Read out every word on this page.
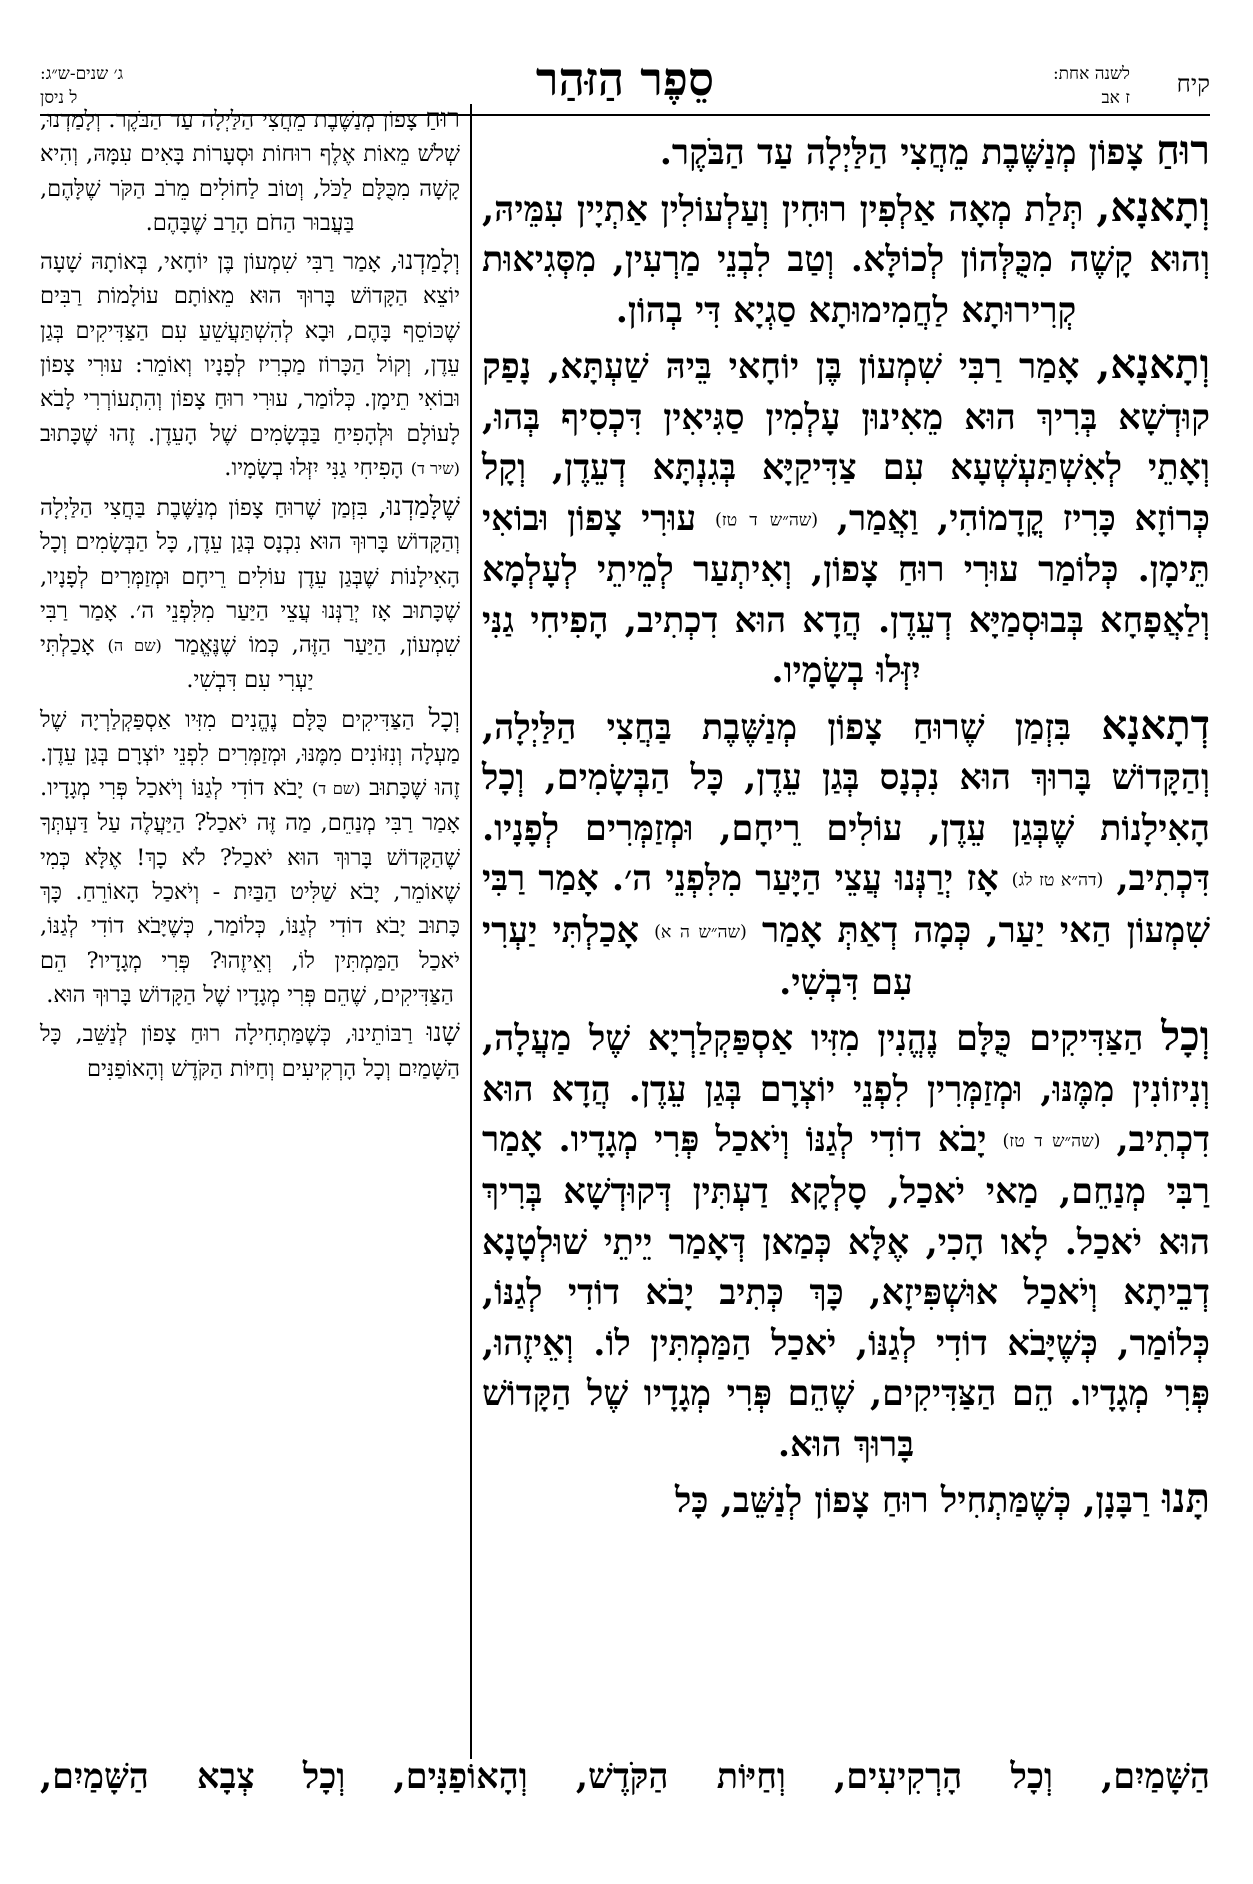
קיח
לשנה אחת:
ז אב
סֵפֶר הַזּהַר
ג׳ שנים-ש״ג:
ל ניסן

רוּחַ צָפוֹן מְנַשֶּׁבֶת מֵחֲצִי הַלַּיְלָה עַד הַבֹּקֶר.

וְתָאנָא, תְּלַת מְאָה אַלְפִין רוּחִין וְעַלְעוֹלִין אַתְיָין עִמֵּיהּ, וְהוּא קָשֶׁה מִכֻּלְּהוֹן לְכוֹלָּא. וְטַב לִבְנֵי מַרְעִין, מִסְּגִיאוּת קְרִירוּתָא לַחֲמִימוּתָא סַגְיָא דִּי בְהוֹן.

וְתָאנָא, אָמַר רַבִּי שִׁמְעוֹן בֶּן יוֹחָאי בֵּיהּ שַׁעְתָּא, נָפַק קוּדְשָׁא בְּרִיךְ הוּא מֵאִינוּן עָלְמִין סַגִּיאִין דִּכְסִיף בְּהוּ, וְאָתֵי לְאִשְׁתַּעְשְׁעָא עִם צַדִּיקַיָּא בְּגִנְתָּא דְעֵדֶן, וְקָל כְּרוֹזָא כָּרִיז קֳדָמוֹהִי, וַאֲמַר, (שה״ש ד טז) עוּרִי צָפוֹן וּבוֹאִי תֵּימָן. כְּלוֹמַר עוּרִי רוּחַ צָפוֹן, וְאִיתְעַר לְמֵיתֵי לְעָלְמָא וְלַאֲפָחָא בְּבוּסְמַיָּא דְעֵדֶן. הֲדָא הוּא דִכְתִיב, הָפִיחִי גַנִּי יִזְּלוּ בְשָׂמָיו.

דְתָאנָא בִּזְמַן שֶׁרוּחַ צָפוֹן מְנַשֶּׁבֶת בַּחֲצִי הַלַּיְלָה, וְהַקָּדוֹשׁ בָּרוּךְ הוּא נִכְנָס בְּגַן עֵדֶן, כָּל הַבְּשָׂמִים, וְכָל הָאִילָנוֹת שֶׁבְּגַן עֵדֶן, עוֹלִים רֵיחָם, וּמְזַמְּרִים לְפָנָיו. דִּכְתִיב, (דה״א טז לג) אָז יְרַנְּנוּ עֲצֵי הַיָּעַר מִלִּפְנֵי ה׳. אָמַר רַבִּי שִׁמְעוֹן הַאי יַעַר, כְּמָה דְאַתְּ אָמַר (שה״ש ה א) אָכַלְתִּי יַעְרִי עִם דִּבְשִׁי.

וְכָל הַצַּדִּיקִים כֻּלָּם נֶהֱנִין מִזִּיו אַסְפַּקְלַרְיָא שֶׁל מַעֲלָה, וְנִיזוֹנִין מִמֶּנּוּ, וּמְזַמְּרִין לִפְנֵי יוֹצְרָם בְּגַן עֵדֶן. הֲדָא הוּא דִכְתִיב, (שה״ש ד טז) יָבֹא דוֹדִי לְגַנּוֹ וְיֹאכַל פְּרִי מְגָדָיו. אָמַר רַבִּי מְנַחֵם, מַאי יֹאכַל, סָלְקָא דַעְתִּין דְּקוּדְשָׁא בְּרִיךְ הוּא יֹאכַל. לָאו הָכִי, אֶלָּא כְּמַאן דְּאָמַר יֵיתֵי שׁוּלְטָנָא דְבֵיתָא וְיֹאכַל אוּשְׁפִּיזָא, כָּךְ כְּתִיב יָבֹא דוֹדִי לְגַנּוֹ, כְּלוֹמַר, כְּשֶׁיָּבֹא דוֹדִי לְגַנּוֹ, יֹאכַל הַמַּמְתִּין לוֹ. וְאֵיזֶהוּ, פְּרִי מְגָדָיו. הֵם הַצַּדִּיקִים, שֶׁהֵם פְּרִי מְגָדָיו שֶׁל הַקָּדוֹשׁ בָּרוּךְ הוּא.

תָּנוּ רַבָּנָן, כְּשֶׁמַּתְחִיל רוּחַ צָפוֹן לְנַשֵּׁב, כָּל

רוּחַ צָפוֹן מְנַשֶּׁבֶת מֵחֲצִי הַלַּיְלָה עַד הַבֹּקֶר. וְלָמַדְנוּ, שְׁלֹשׁ מֵאוֹת אֶלֶף רוּחוֹת וּסְעָרוֹת בָּאִים עִמָּהּ, וְהִיא קָשָׁה מִכֻּלָּם לַכֹּל, וְטוֹב לַחוֹלִים מֵרֹב הַקֹּר שֶׁלָּהֶם, בַּעֲבוּר הַחֹם הָרַב שֶׁבָּהֶם.

וְלָמַדְנוּ, אָמַר רַבִּי שִׁמְעוֹן בֶּן יוֹחָאי, בְּאוֹתָהּ שָׁעָה יוֹצֵא הַקָּדוֹשׁ בָּרוּךְ הוּא מֵאוֹתָם עוֹלָמוֹת רַבִּים שֶׁכּוֹסֵף בָּהֶם, וּבָא לְהִשְׁתַּעֲשֵׁעַ עִם הַצַּדִּיקִים בְּגַן עֵדֶן, וְקוֹל הַכָּרוֹז מַכְרִיז לְפָנָיו וְאוֹמֵר: עוּרִי צָפוֹן וּבוֹאִי תֵימָן. כְּלוֹמַר, עוּרִי רוּחַ צָפוֹן וְהִתְעוֹרְרִי לָבֹא לָעוֹלָם וּלְהָפִיחַ בַּבְּשָׂמִים שֶׁל הָעֵדֶן. זֶהוּ שֶׁכָּתוּב (שיר ד) הָפִיחִי גַנִּי יִזְּלוּ בְשָׂמָיו.

שֶׁלָּמַדְנוּ, בִּזְמַן שֶׁרוּחַ צָפוֹן מְנַשֶּׁבֶת בַּחֲצִי הַלַּיְלָה וְהַקָּדוֹשׁ בָּרוּךְ הוּא נִכְנָס בְּגַן עֵדֶן, כָּל הַבְּשָׂמִים וְכָל הָאִילָנוֹת שֶׁבְּגַן עֵדֶן עוֹלִים רֵיחָם וּמְזַמְּרִים לְפָנָיו, שֶׁכָּתוּב אָז יְרַנְּנוּ עֲצֵי הַיַּעַר מִלִּפְנֵי ה׳. אָמַר רַבִּי שִׁמְעוֹן, הַיַּעַר הַזֶּה, כְּמוֹ שֶׁנֶּאֱמַר (שם ה) אָכַלְתִּי יַעְרִי עִם דִּבְשִׁי.

וְכָל הַצַּדִּיקִים כֻּלָּם נֶהֱנִים מִזִּיו אַסְפַּקְלַרְיָה שֶׁל מַעְלָה וְנִזּוֹנִים מִמֶּנּוּ, וּמְזַמְּרִים לִפְנֵי יוֹצְרָם בְּגַן עֵדֶן. זֶהוּ שֶׁכָּתוּב (שם ד) יָבֹא דוֹדִי לְגַנּוֹ וְיֹאכַל פְּרִי מְגָדָיו. אָמַר רַבִּי מְנַחֵם, מַה זֶּה יֹאכַל? הַיַּעֲלֶה עַל דַּעְתְּךָ שֶׁהַקָּדוֹשׁ בָּרוּךְ הוּא יֹאכַל? לֹא כָךְ! אֶלָּא כְּמִי שֶׁאוֹמֵר, יָבֹא שַׁלִּיט הַבַּיִת - וְיֹאכַל הָאוֹרֵחַ. כָּךְ כָּתוּב יָבֹא דוֹדִי לְגַנּוֹ, כְּלוֹמַר, כְּשֶׁיָּבֹא דוֹדִי לְגַנּוֹ, יֹאכַל הַמַּמְתִּין לוֹ, וְאֵיזֶהוּ? פְּרִי מְגָדָיו? הֵם הַצַּדִּיקִים, שֶׁהֵם פְּרִי מְגָדָיו שֶׁל הַקָּדוֹשׁ בָּרוּךְ הוּא.

שָׁנוּ רַבּוֹתֵינוּ, כְּשֶׁמַּתְחִילָה רוּחַ צָפוֹן לְנַשֵּׁב, כָּל הַשָּׁמַיִם וְכָל הָרְקִיעִים וְחַיּוֹת הַקֹּדֶשׁ וְהָאוֹפַנִּים

הַשָּׁמַיִם, וְכָל הָרְקִיעִים, וְחַיּוֹת הַקֹּדֶשׁ, וְהָאוֹפַנִּים, וְכָל צְבָא הַשָּׁמַיִם,
